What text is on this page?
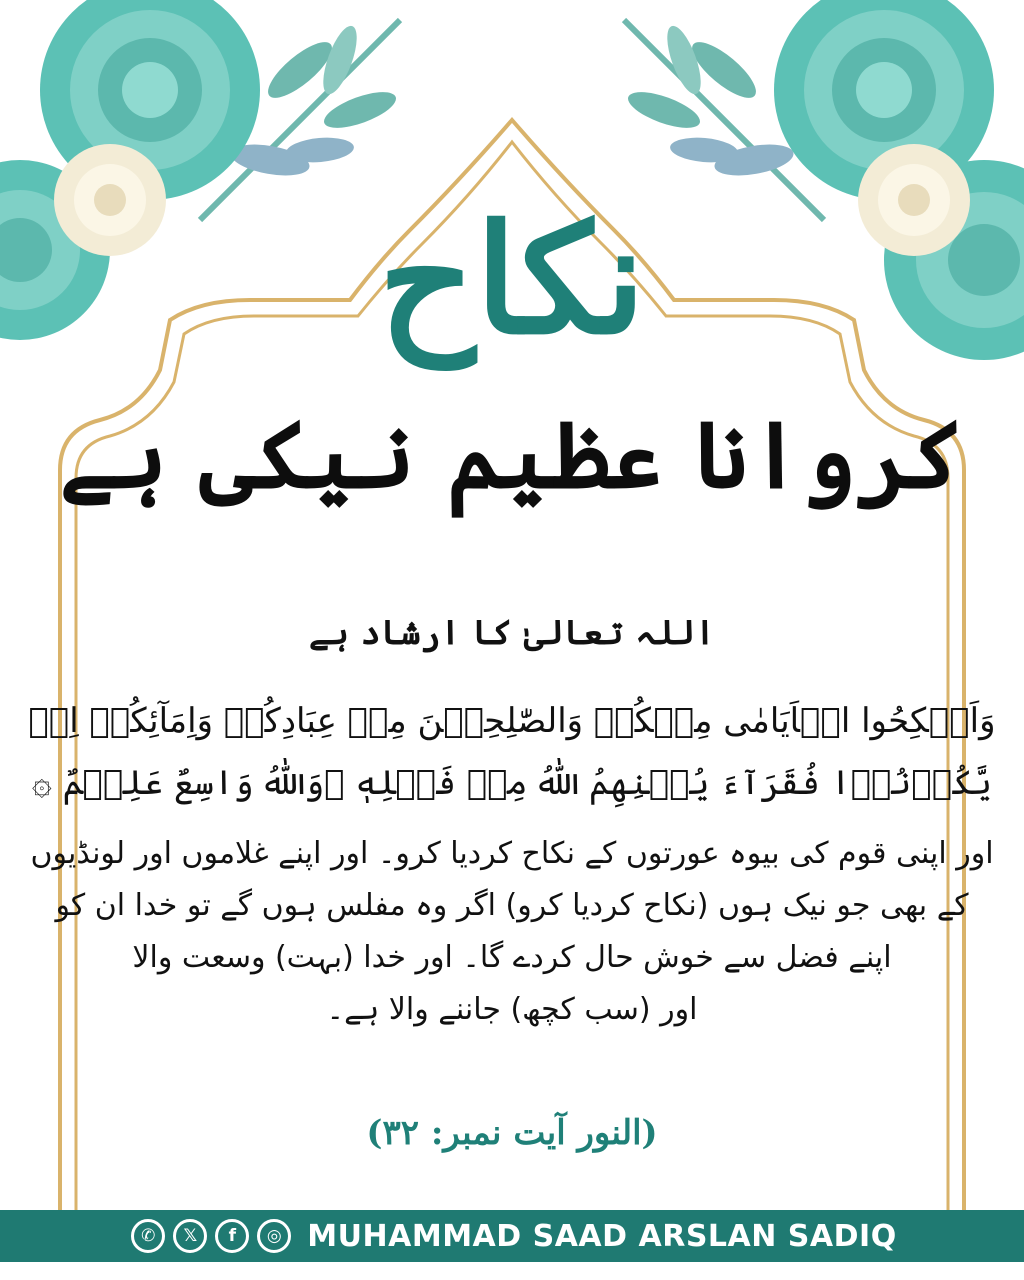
نکاح
کروانا عظیم نیکی ہے
اللہ تعالیٰ کا ارشاد ہے
وَاَنۡكِحُوا الۡاَيَامٰى مِنۡكُمۡ وَالصّٰلِحِيۡنَ مِنۡ عِبَادِكُمۡ وَاِمَآئِكُمۡ اِنۡ
يَّكُوۡنُوۡا فُقَرَآءَ يُغۡنِهِمُ اللّٰهُ مِنۡ فَضۡلِهٖ ۗوَاللّٰهُ وَاسِعٌ عَلِيۡمٌ ۞
اور اپنی قوم کی بیوہ عورتوں کے نکاح کردیا کرو۔ اور اپنے غلاموں اور لونڈیوں
کے بھی جو نیک ہوں (نکاح کردیا کرو) اگر وہ مفلس ہوں گے تو خدا ان کو
اپنے فضل سے خوش حال کردے گا۔ اور خدا (بہت) وسعت والا
اور (سب کچھ) جاننے والا ہے۔
(النور آیت نمبر: ۳۲)
✆	𝕏	f	◎ MUHAMMAD SAAD ARSLAN SADIQ
